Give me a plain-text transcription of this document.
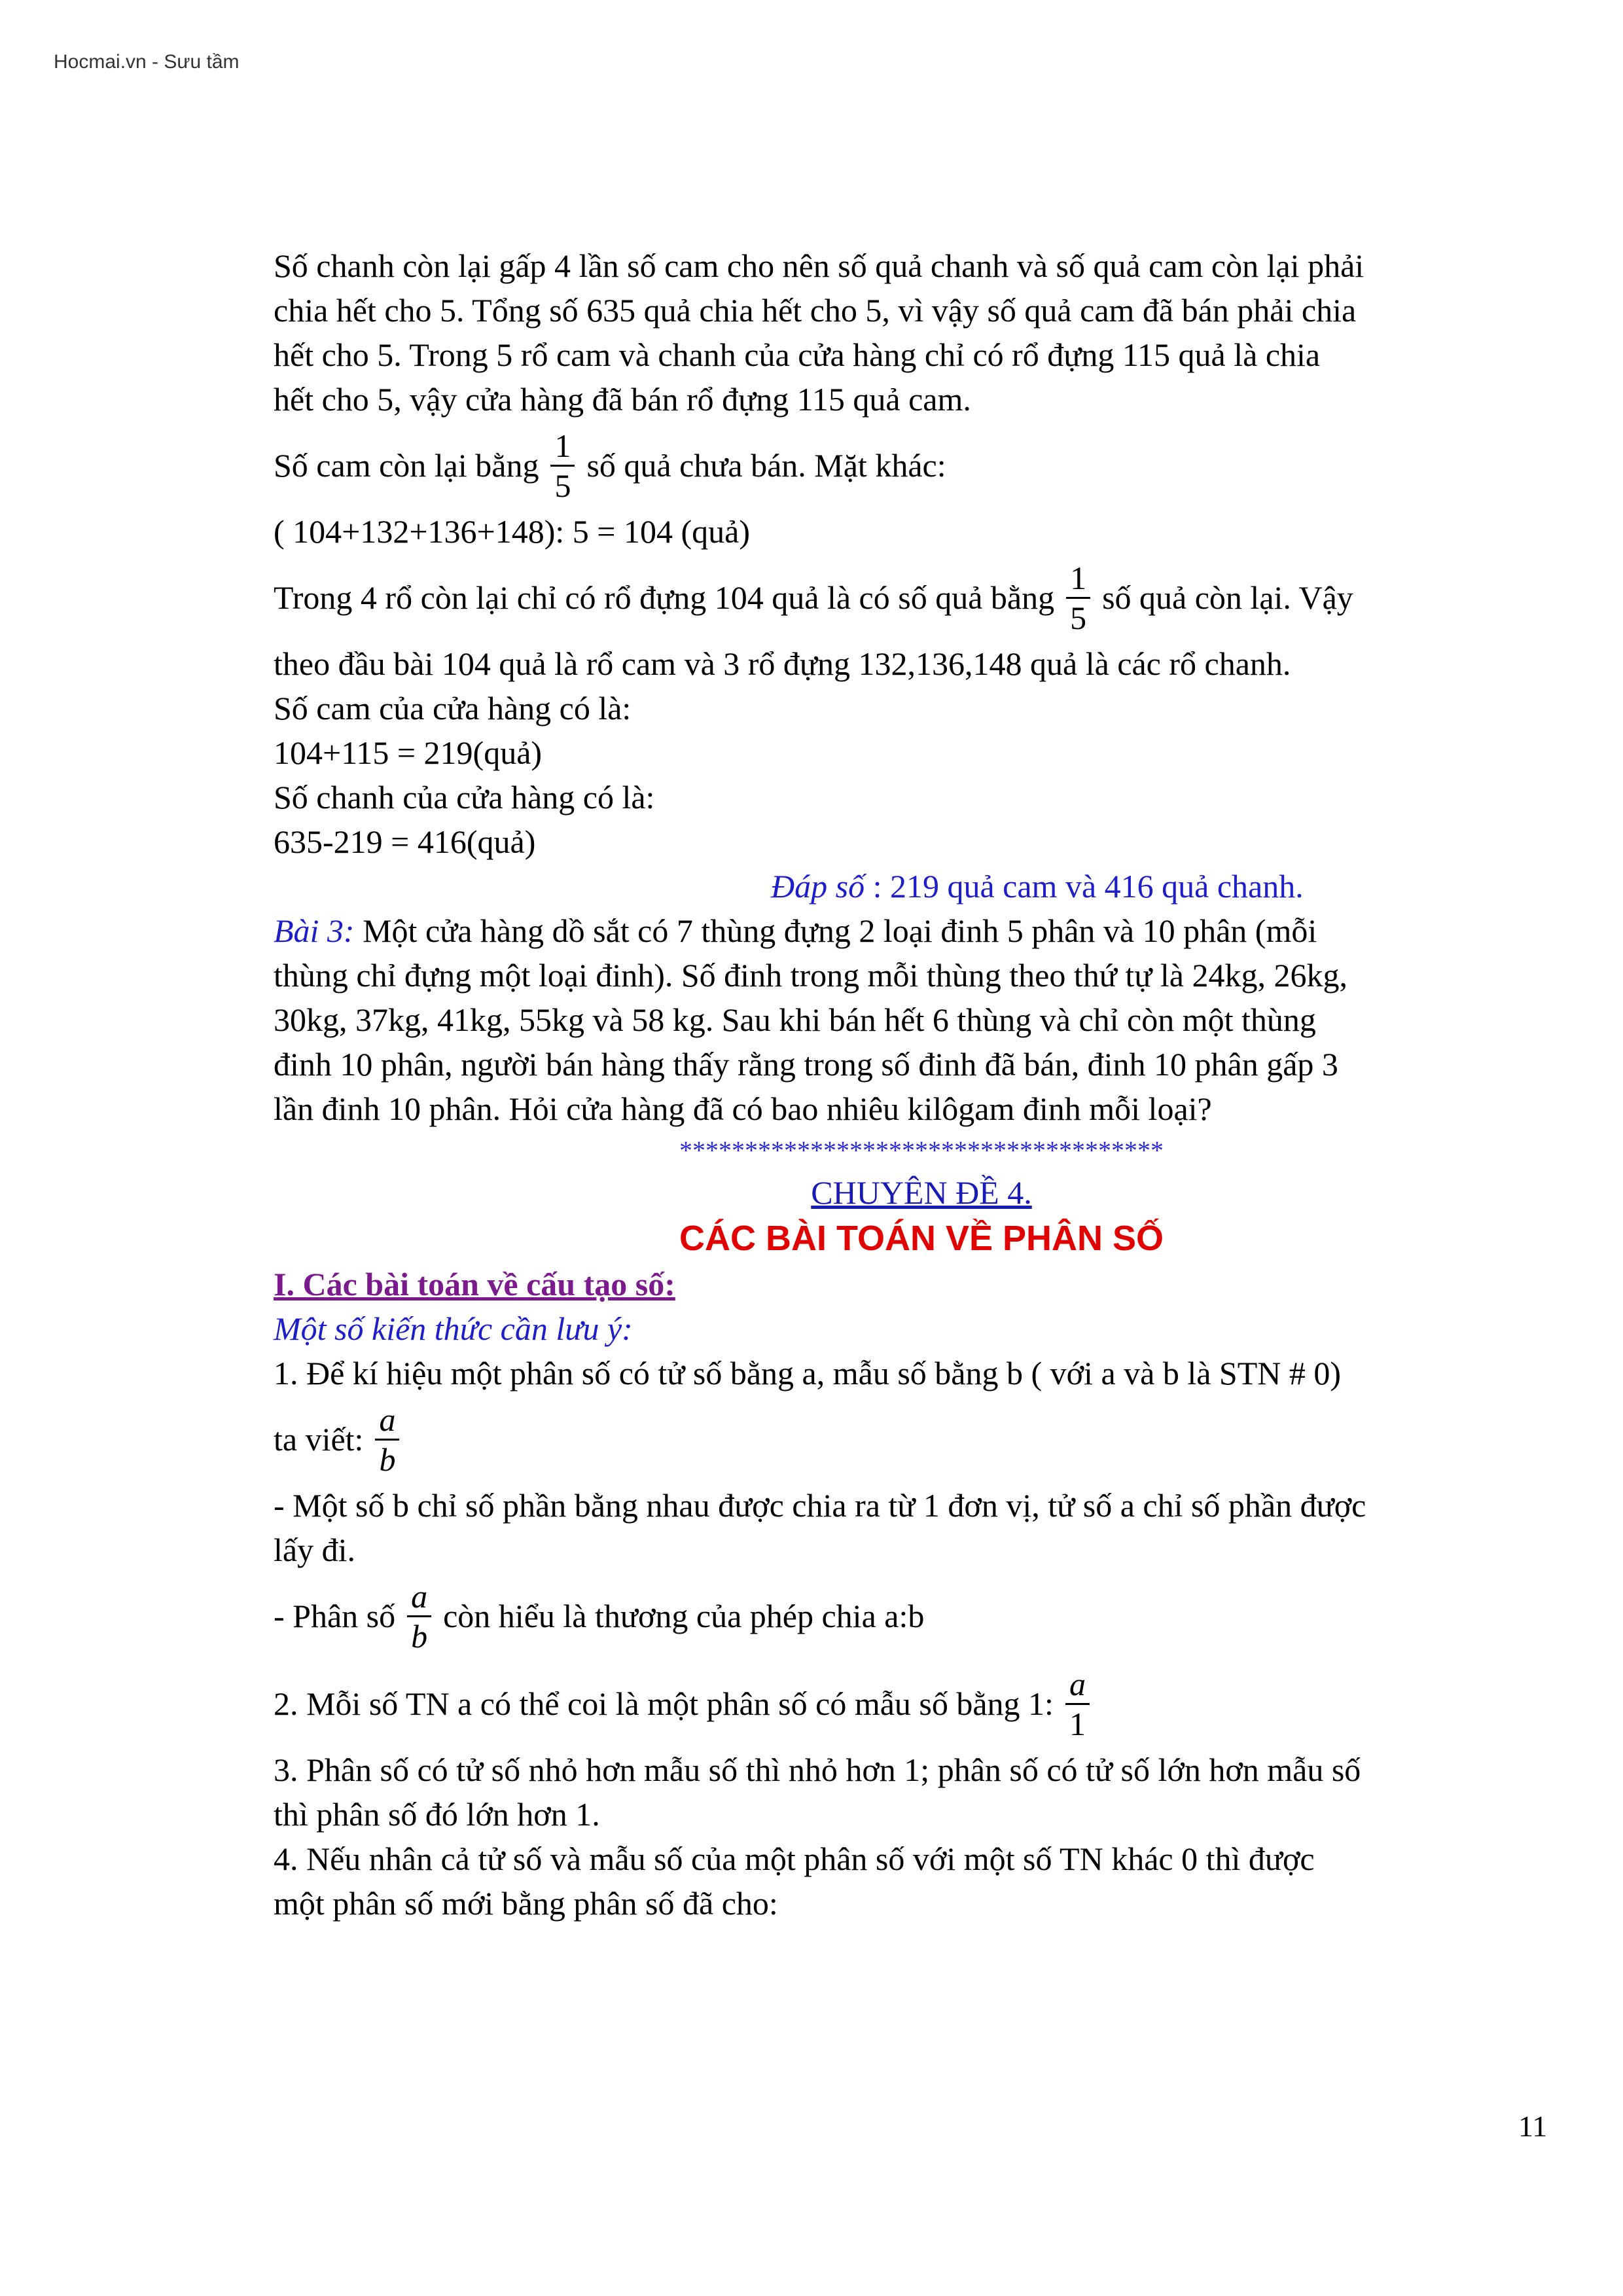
Hocmai.vn - Sưu tầm
Số chanh còn lại gấp 4 lần số cam cho nên số quả chanh và số quả cam còn lại phải
chia hết cho 5. Tổng số 635 quả chia hết cho 5, vì vậy số quả cam đã bán phải chia
hết cho 5. Trong 5 rổ cam và chanh của cửa hàng chỉ có rổ đựng 115 quả là chia
hết cho 5, vậy cửa hàng đã bán rổ đựng 115 quả cam.
Số cam còn lại bằng $\frac{1}{5}$ số quả chưa bán. Mặt khác:
( 104+132+136+148): 5 = 104 (quả)
Trong 4 rổ còn lại chỉ có rổ đựng 104 quả là có số quả bằng $\frac{1}{5}$ số quả còn lại. Vậy
theo đầu bài 104 quả là rổ cam và 3 rổ đựng 132,136,148 quả là các rổ chanh.
Số cam của cửa hàng có là:
104+115 = 219(quả)
Số chanh của cửa hàng có là:
635-219 = 416(quả)
Đáp số : 219 quả cam và 416 quả chanh.
Bài 3: Một cửa hàng dồ sắt có 7 thùng đựng 2 loại đinh 5 phân và 10 phân (mỗi
thùng chỉ đựng một loại đinh). Số đinh trong mỗi thùng theo thứ tự là 24kg, 26kg,
30kg, 37kg, 41kg, 55kg và 58 kg. Sau khi bán hết 6 thùng và chỉ còn một thùng
đinh 10 phân, người bán hàng thấy rằng trong số đinh đã bán, đinh 10 phân gấp 3
lần đinh 10 phân. Hỏi cửa hàng đã có bao nhiêu kilôgam đinh mỗi loại?
*************************************
CHUYÊN ĐỀ 4.
CÁC BÀI TOÁN VỀ PHÂN SỐ
I. Các bài toán về cấu tạo số:
Một số kiến thức cần lưu ý:
1. Để kí hiệu một phân số có tử số bằng a, mẫu số bằng b ( với a và b là STN # 0)
ta viết: $\frac{a}{b}$
- Một số b chỉ số phần bằng nhau được chia ra từ 1 đơn vị, tử số a chỉ số phần được
lấy đi.
- Phân số $\frac{a}{b}$ còn hiểu là thương của phép chia a:b
2. Mỗi số TN a có thể coi là một phân số có mẫu số bằng 1: $\frac{a}{1}$
3. Phân số có tử số nhỏ hơn mẫu số thì nhỏ hơn 1; phân số có tử số lớn hơn mẫu số
thì phân số đó lớn hơn 1.
4. Nếu nhân cả tử số và mẫu số của một phân số với một số TN khác 0 thì được
một phân số mới bằng phân số đã cho:
11
